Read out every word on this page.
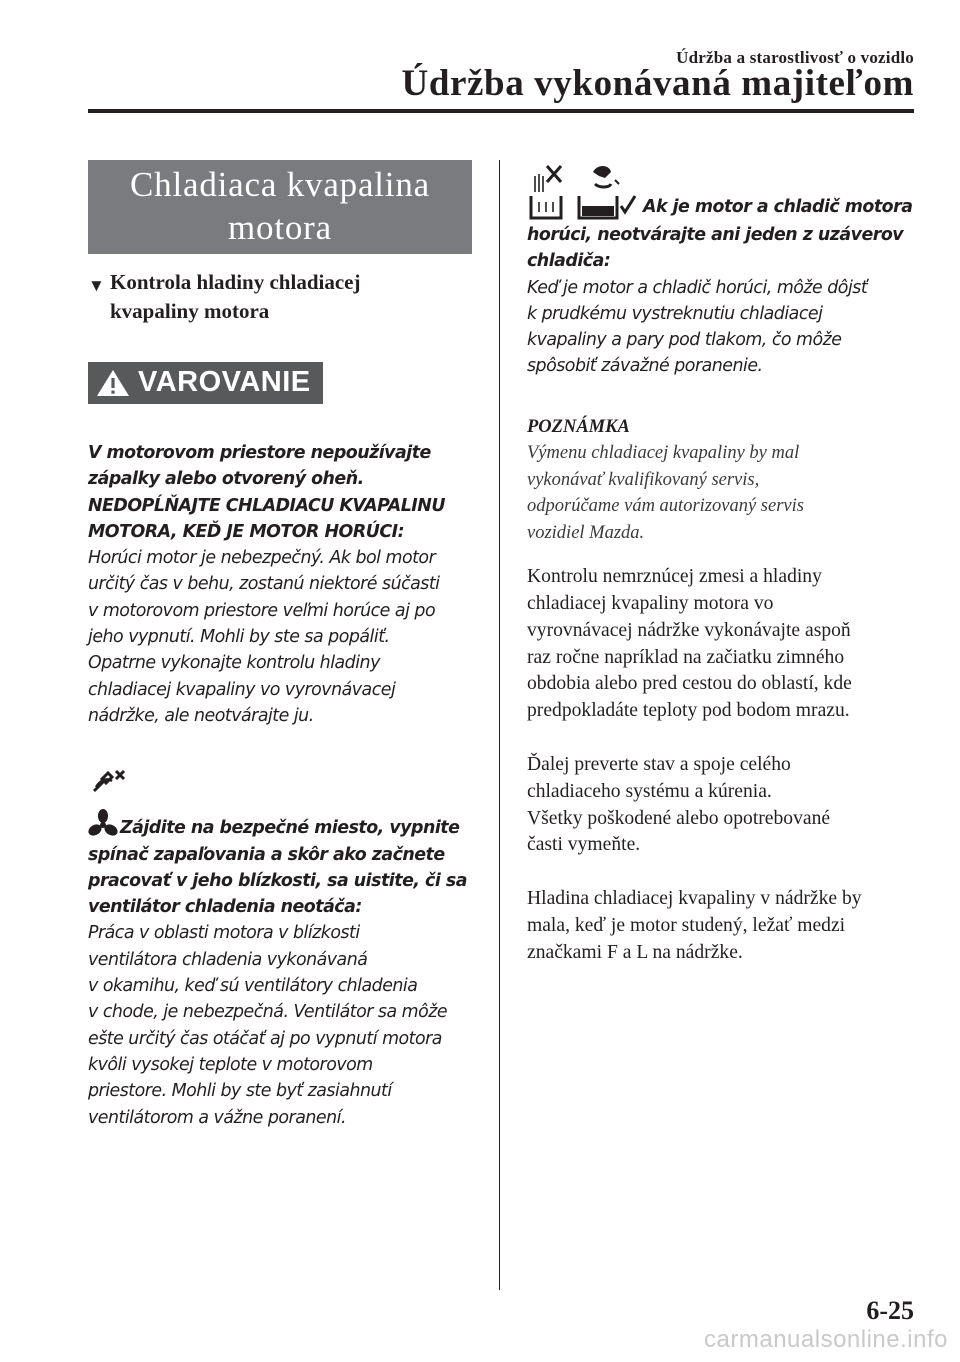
Údržba a starostlivosť o vozidlo
Údržba vykonávaná majiteľom
Chladiaca kvapalina
motora
▼ Kontrola hladiny chladiacej
kvapaliny motora
VAROVANIE

V motorovom priestore nepoužívajte

zápalky alebo otvorený oheň.

NEDOPĹŇAJTE CHLADIACU KVAPALINU

MOTORA, KEĎ JE MOTOR HORÚCI:

Horúci motor je nebezpečný. Ak bol motor

určitý čas v behu, zostanú niektoré súčasti

v motorovom priestore veľmi horúce aj po

jeho vypnutí. Mohli by ste sa popáliť.

Opatrne vykonajte kontrolu hladiny

chladiacej kvapaliny vo vyrovnávacej

nádržke, ale neotvárajte ju.

Zájdite na bezpečné miesto, vypnite

spínač zapaľovania a skôr ako začnete

pracovať v jeho blízkosti, sa uistite, či sa

ventilátor chladenia neotáča:

Práca v oblasti motora v blízkosti

ventilátora chladenia vykonávaná

v okamihu, keď sú ventilátory chladenia

v chode, je nebezpečná. Ventilátor sa môže

ešte určitý čas otáčať aj po vypnutí motora

kvôli vysokej teplote v motorovom

priestore. Mohli by ste byť zasiahnutí

ventilátorom a vážne poranení.

Ak je motor a chladič motora

horúci, neotvárajte ani jeden z uzáverov

chladiča:

Keď je motor a chladič horúci, môže dôjsť

k prudkému vystreknutiu chladiacej

kvapaliny a pary pod tlakom, čo môže

spôsobiť závažné poranenie.

POZNÁMKA

Výmenu chladiacej kvapaliny by mal

vykonávať kvalifikovaný servis,

odporúčame vám autorizovaný servis

vozidiel Mazda.

Kontrolu nemrznúcej zmesi a hladiny

chladiacej kvapaliny motora vo

vyrovnávacej nádržke vykonávajte aspoň

raz ročne napríklad na začiatku zimného

obdobia alebo pred cestou do oblastí, kde

predpokladáte teploty pod bodom mrazu.

Ďalej preverte stav a spoje celého

chladiaceho systému a kúrenia.

Všetky poškodené alebo opotrebované

časti vymeňte.

Hladina chladiacej kvapaliny v nádržke by

mala, keď je motor studený, ležať medzi

značkami F a L na nádržke.

6-25
carmanualsonline.info
